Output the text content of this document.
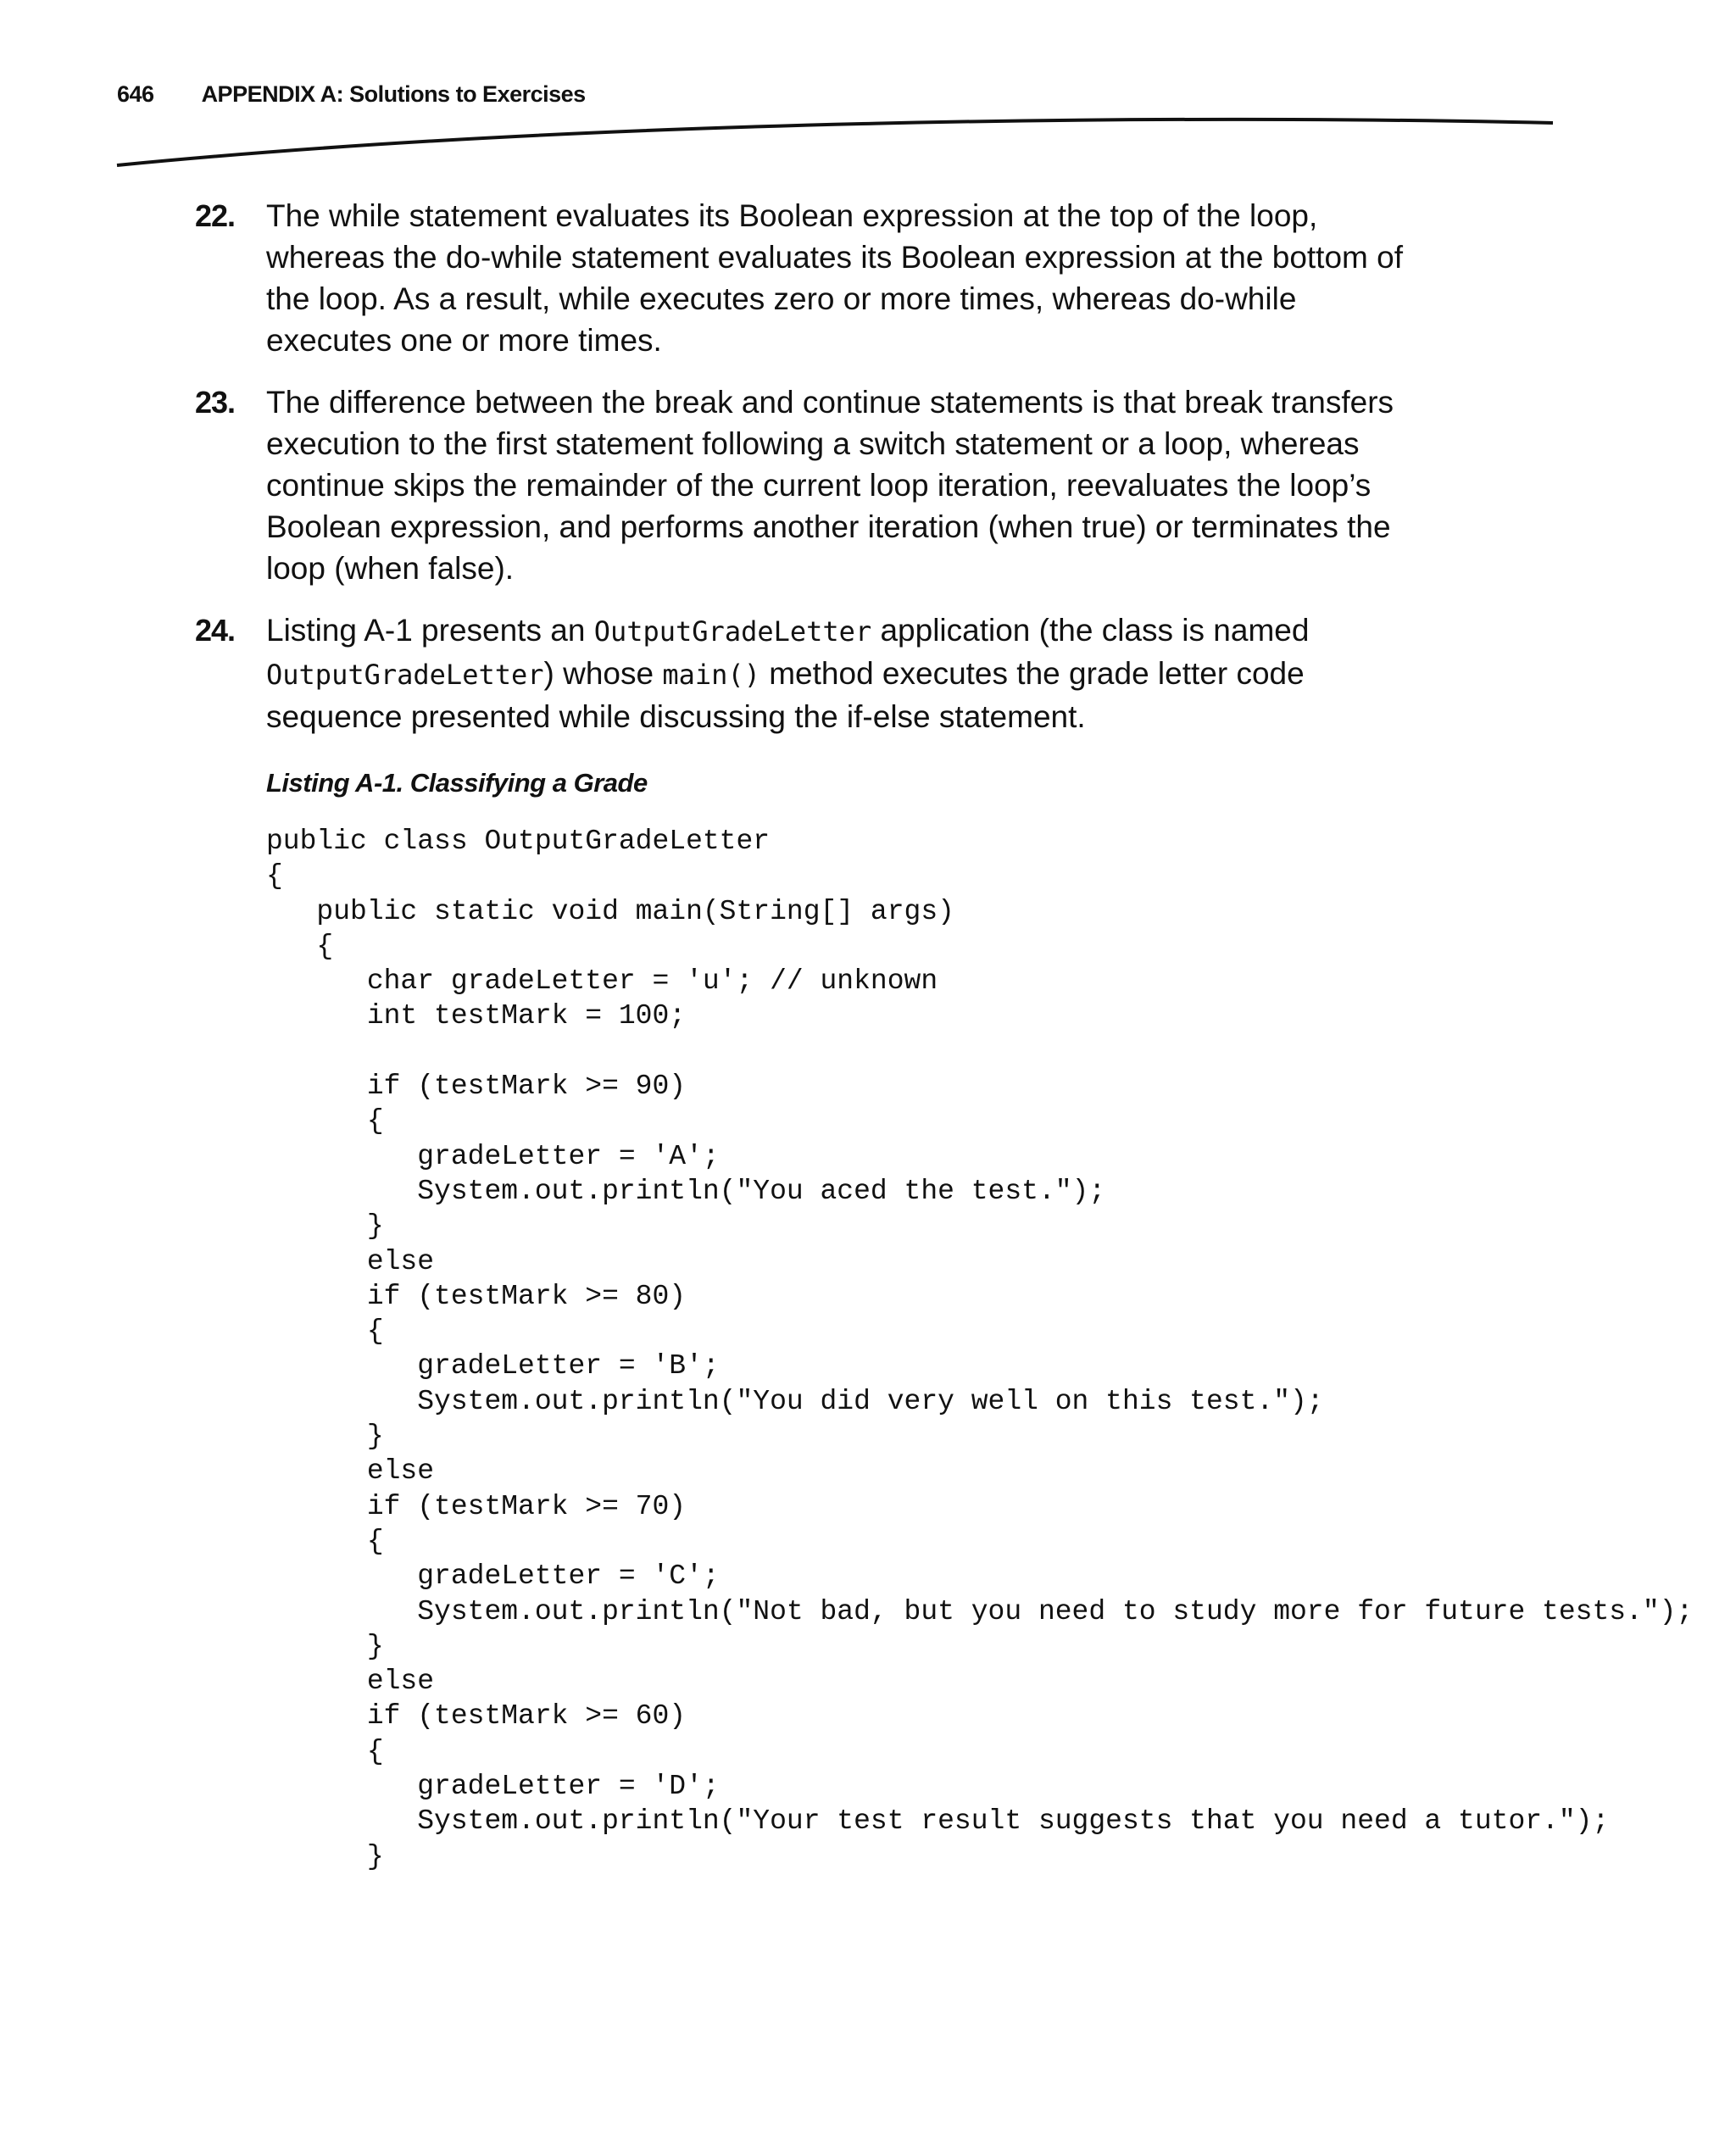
646 APPENDIX A: Solutions to Exercises
22. The while statement evaluates its Boolean expression at the top of the loop, whereas the do-while statement evaluates its Boolean expression at the bottom of the loop. As a result, while executes zero or more times, whereas do-while executes one or more times.

23. The difference between the break and continue statements is that break transfers execution to the first statement following a switch statement or a loop, whereas continue skips the remainder of the current loop iteration, reevaluates the loop’s Boolean expression, and performs another iteration (when true) or terminates the loop (when false).

24. Listing A-1 presents an OutputGradeLetter application (the class is named OutputGradeLetter) whose main() method executes the grade letter code sequence presented while discussing the if-else statement.

Listing A-1. Classifying a Grade
public class OutputGradeLetter
{
public static void main(String[] args)
{
char gradeLetter = 'u'; // unknown
int testMark = 100;

if (testMark >= 90)
{
gradeLetter = 'A';
System.out.println("You aced the test.");
}
else
if (testMark >= 80)
{
gradeLetter = 'B';
System.out.println("You did very well on this test.");
}
else
if (testMark >= 70)
{
gradeLetter = 'C';
System.out.println("Not bad, but you need to study more for future tests.");
}
else
if (testMark >= 60)
{
gradeLetter = 'D';
System.out.println("Your test result suggests that you need a tutor.");
}
